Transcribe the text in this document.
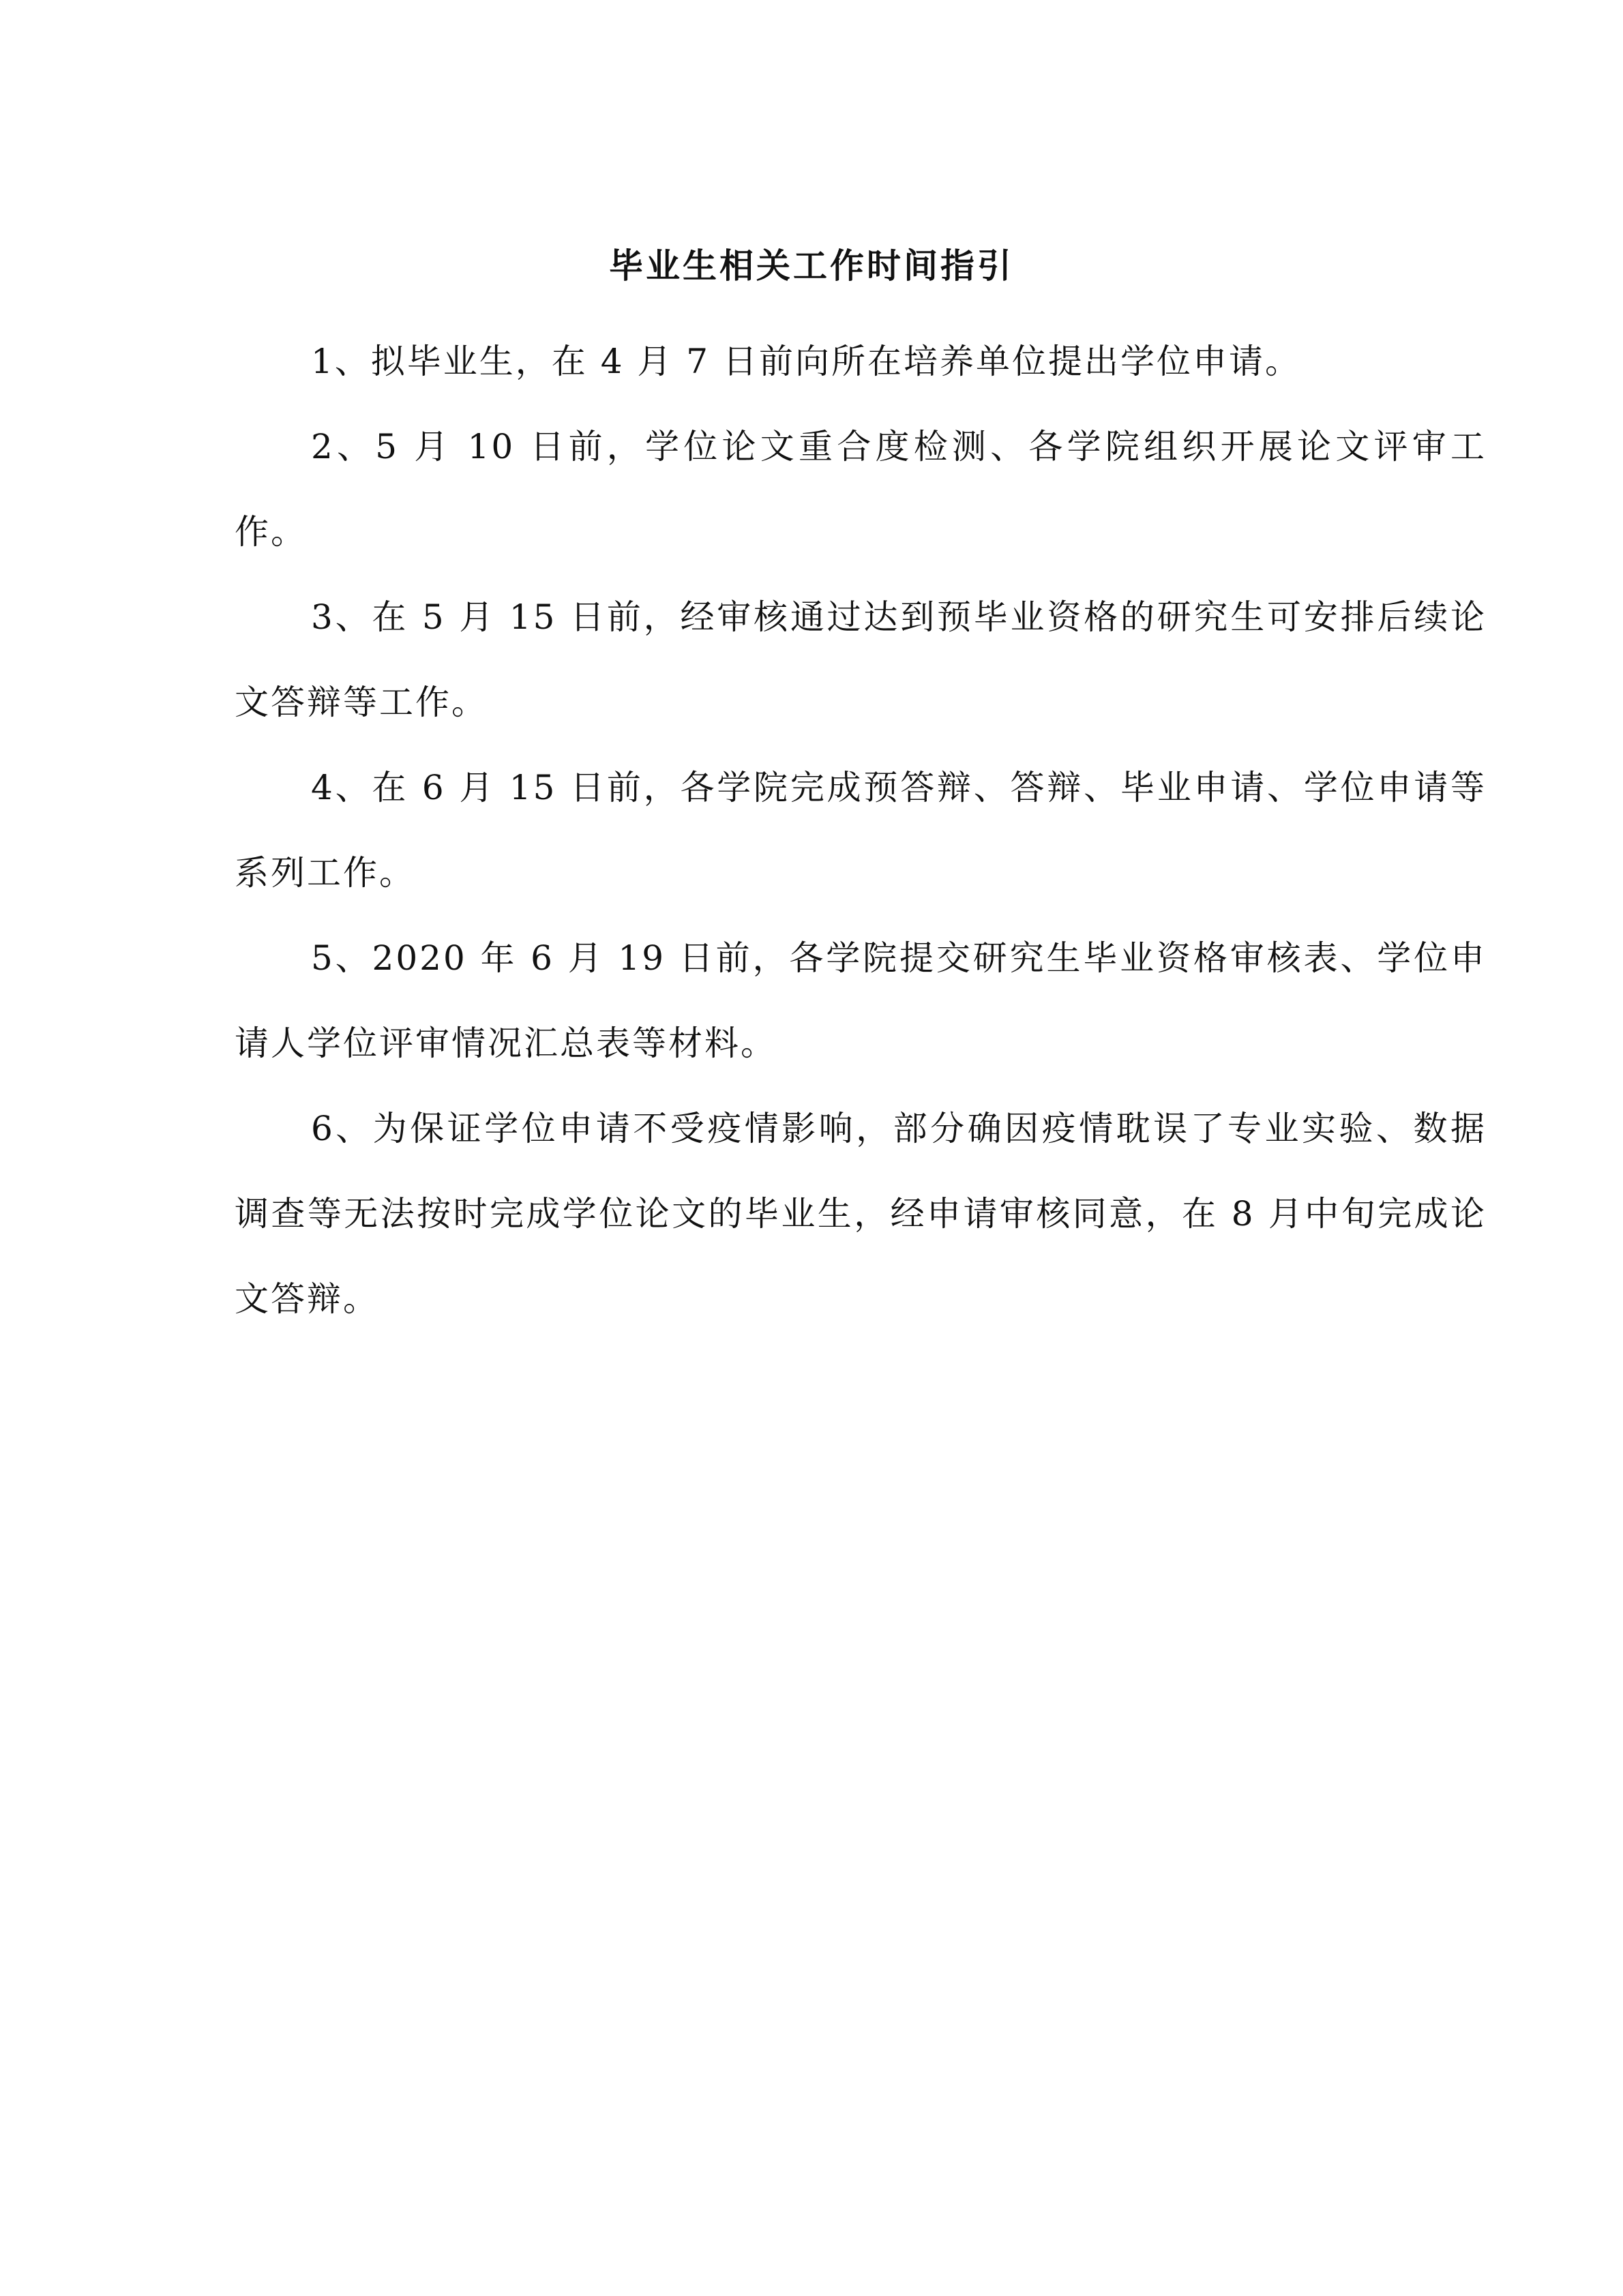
毕业生相关工作时间指引

1、拟毕业生，在 4 月 7 日前向所在培养单位提出学位申请。

2、5 月 10 日前，学位论文重合度检测、各学院组织开展论文评审工作。

3、在 5 月 15 日前，经审核通过达到预毕业资格的研究生可安排后续论文答辩等工作。

4、在 6 月 15 日前，各学院完成预答辩、答辩、毕业申请、学位申请等系列工作。

5、2020 年 6 月 19 日前，各学院提交研究生毕业资格审核表、学位申请人学位评审情况汇总表等材料。

6、为保证学位申请不受疫情影响，部分确因疫情耽误了专业实验、数据调查等无法按时完成学位论文的毕业生，经申请审核同意，在 8 月中旬完成论文答辩。
